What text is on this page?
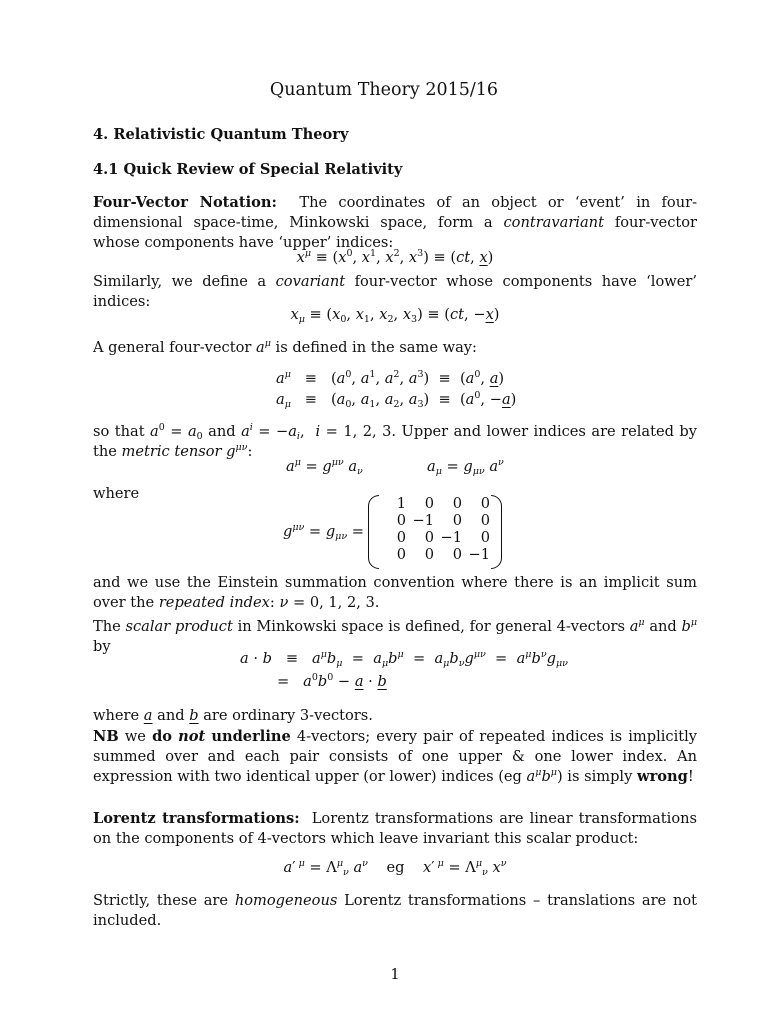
Quantum Theory 2015/16
4. Relativistic Quantum Theory
4.1 Quick Review of Special Relativity
Four-Vector Notation: The coordinates of an object or ‘event’ in four-dimensional space-time, Minkowski space, form a contravariant four-vector whose components have ‘upper’ indices:
$x^\mu \equiv (x^0$, $x^1$, $x^2$, $x^3) \equiv (ct$, x)
Similarly, we define a covariant four-vector whose components have ‘lower’ indices:
$x_\mu \equiv (x_0$, $x_1$, $x_2$, $x_3) \equiv (ct$, −x)
A general four-vector $a^\mu$ is defined in the same way:
$a^\mu \equiv (a^0$, $a^1$, $a^2$, $a^3) \equiv (a^0$, a)
$a_\mu \equiv (a_0$, $a_1$, $a_2$, $a_3) \equiv (a^0$, −a)
so that $a^0 = a_0$ and $a^i = -a_i$,  i = 1, 2, 3. Upper and lower indices are related by the metric tensor $g^{\mu\nu}$:
$a^\mu = g^{\mu\nu}$ $a_\nu$	$a_\mu = g_{\mu\nu}$ $a^\nu$
where
$g^{\mu\nu} = g_{\mu\nu}$ =
1	0	0	0
0	−1	0	0
0	0	−1	0
0	0	0	−1
and we use the Einstein summation convention where there is an implicit sum over the repeated index: ν = 0, 1, 2, 3.
The scalar product in Minkowski space is defined, for general 4-vectors $a^\mu$ and $b^\mu$ by
$a \cdot b \equiv a^\mu b_\mu = a_\mu b^\mu = a_\mu b_\nu g^{\mu\nu} = a^\mu b^\nu g_{\mu\nu}$
=   $a^0b^0 - a \cdot b$
where a and b are ordinary 3-vectors.
NB we do not underline 4-vectors; every pair of repeated indices is implicitly summed over and each pair consists of one upper & one lower index. An expression with two identical upper (or lower) indices (eg $a^\mu b^\mu$) is simply wrong!
Lorentz transformations: Lorentz transformations are linear transformations on the components of 4-vectors which leave invariant this scalar product:
a′ $^\mu = \Lambda^\mu_\nu$ $a^\nu$    eg    x′ $^\mu = \Lambda^\mu_\nu$ $x^\nu$
Strictly, these are homogeneous Lorentz transformations – translations are not included.
1
